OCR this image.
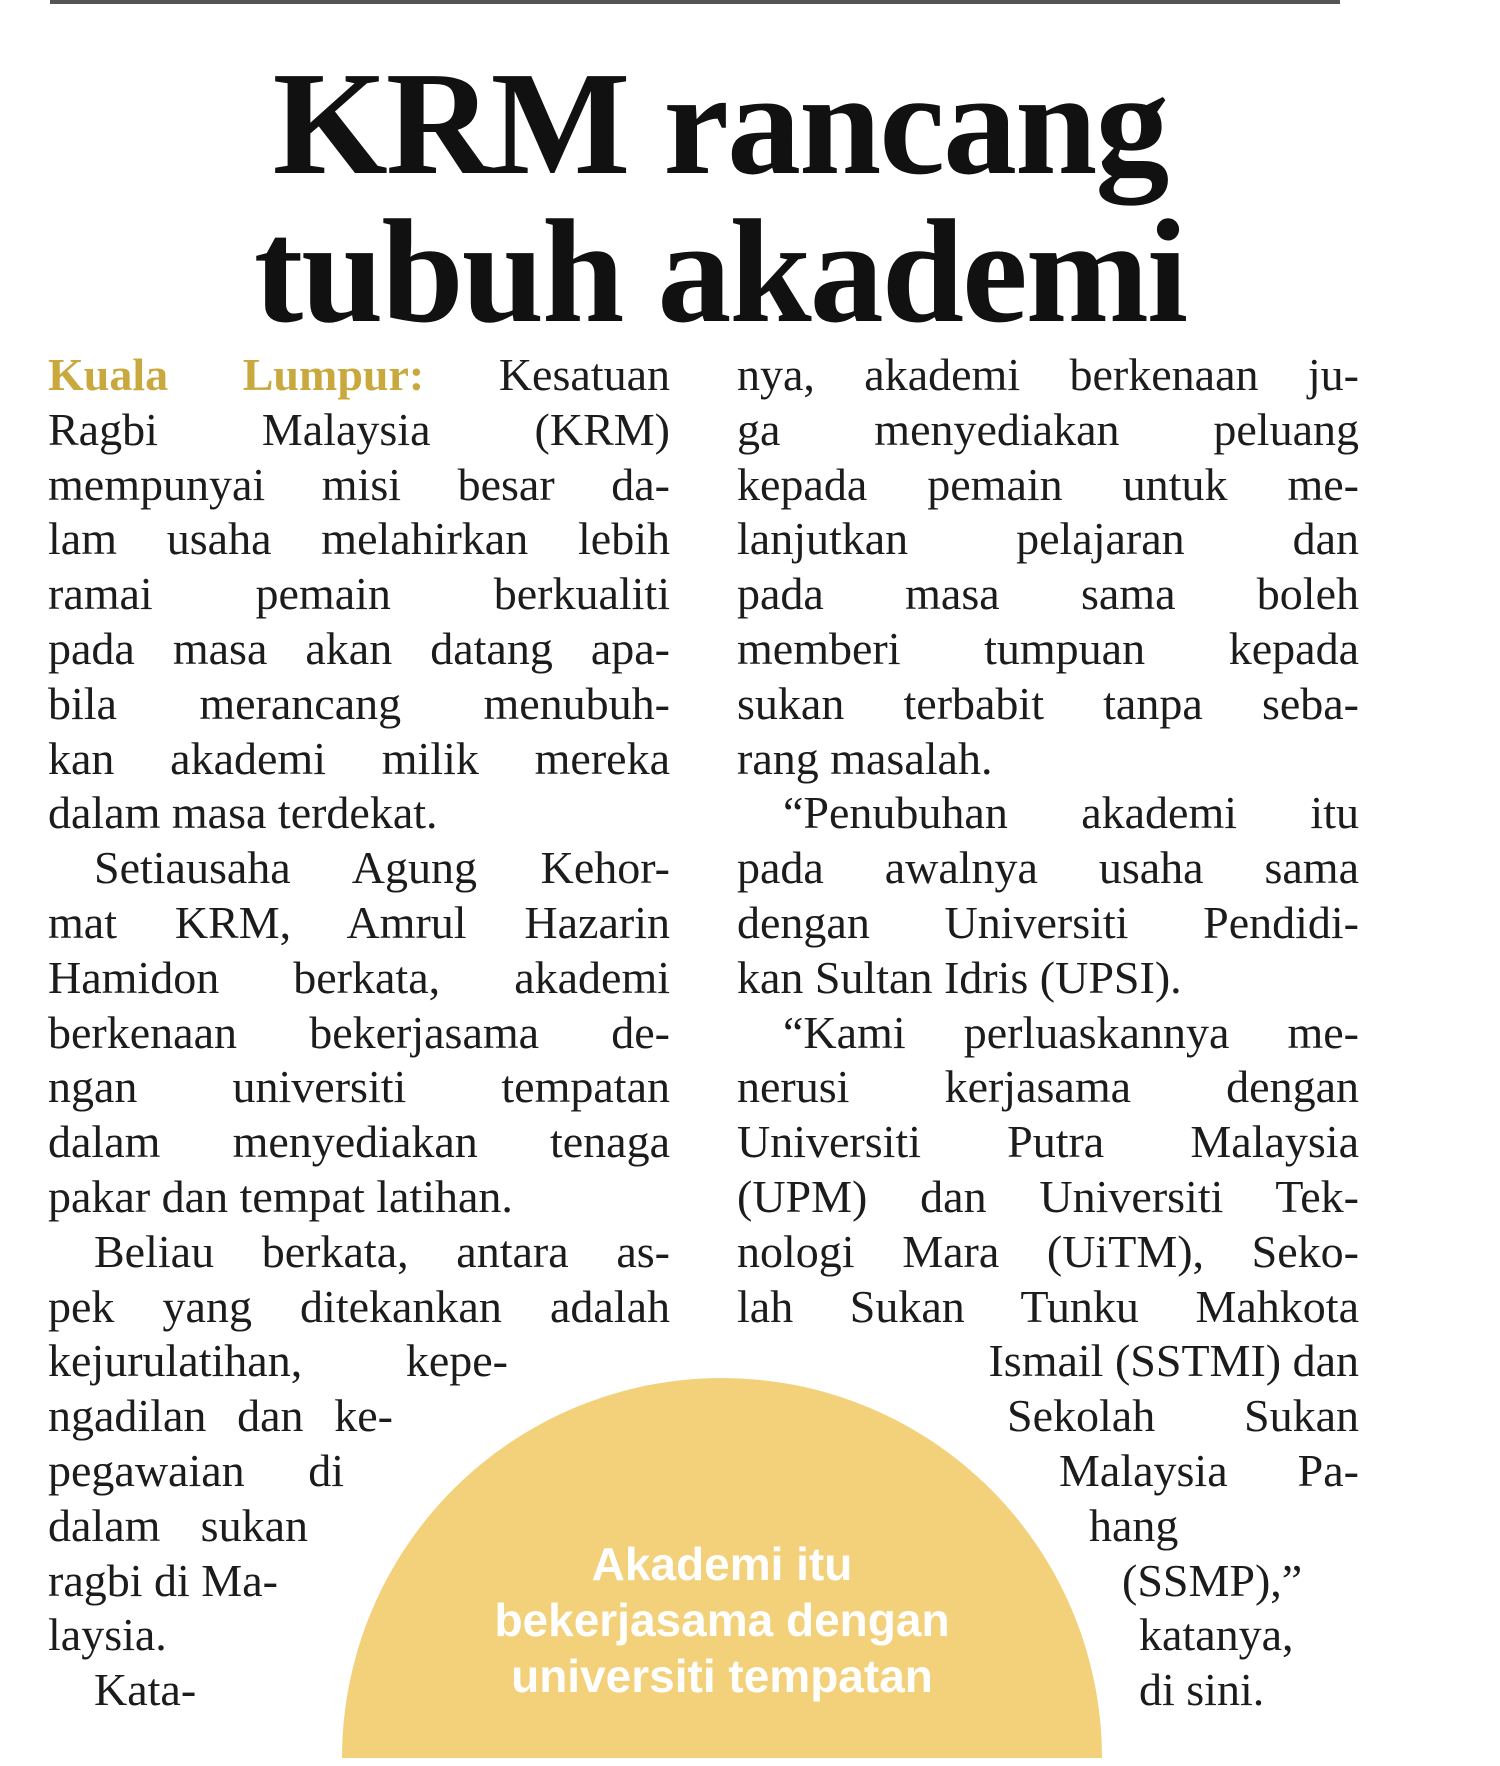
KRM rancang
tubuh akademi
Kuala Lumpur: Kesatuan
Ragbi Malaysia (KRM)
mempunyai misi besar da-
lam usaha melahirkan lebih
ramai pemain berkualiti
pada masa akan datang apa-
bila merancang menubuh-
kan akademi milik mereka
dalam masa terdekat.
Setiausaha Agung Kehor-
mat KRM, Amrul Hazarin
Hamidon berkata, akademi
berkenaan bekerjasama de-
ngan universiti tempatan
dalam menyediakan tenaga
pakar dan tempat latihan.
Beliau berkata, antara as-
pek yang ditekankan adalah
kejurulatihan, kepe-
ngadilan dan ke-
pegawaian di
dalam sukan
ragbi di Ma-
laysia.
Kata-
nya, akademi berkenaan ju-
ga menyediakan peluang
kepada pemain untuk me-
lanjutkan pelajaran dan
pada masa sama boleh
memberi tumpuan kepada
sukan terbabit tanpa seba-
rang masalah.
“Penubuhan akademi itu
pada awalnya usaha sama
dengan Universiti Pendidi-
kan Sultan Idris (UPSI).
“Kami perluaskannya me-
nerusi kerjasama dengan
Universiti Putra Malaysia
(UPM) dan Universiti Tek-
nologi Mara (UiTM), Seko-
lah Sukan Tunku Mahkota
Ismail (SSTMI) dan
Sekolah Sukan
Malaysia Pa-
hang
(SSMP),”
katanya,
di sini.
Akademi itu
bekerjasama dengan
universiti tempatan
